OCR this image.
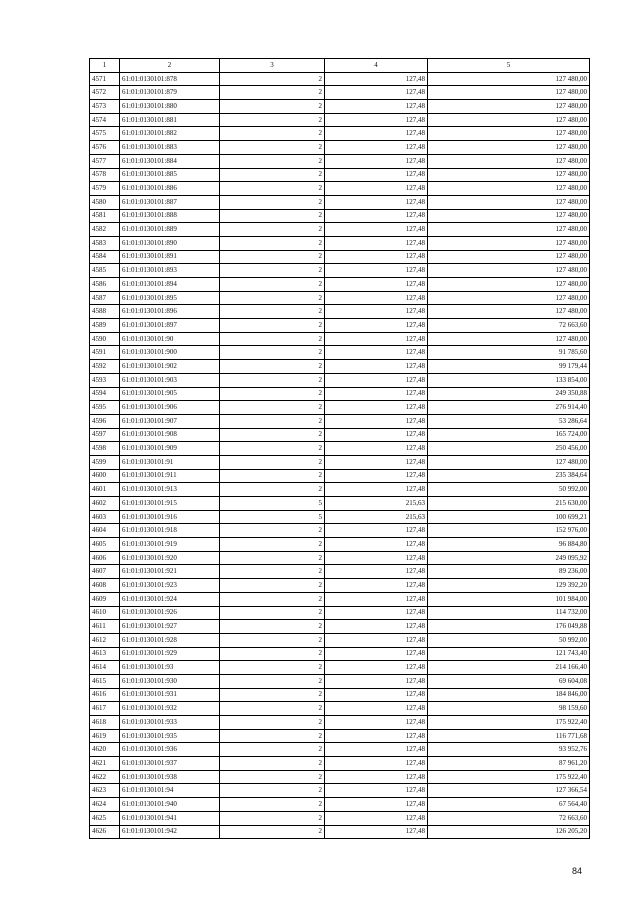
1	2	3	4	5
4571	61:01:0130101:878	2	127,48	127 480,00
4572	61:01:0130101:879	2	127,48	127 480,00
4573	61:01:0130101:880	2	127,48	127 480,00
4574	61:01:0130101:881	2	127,48	127 480,00
4575	61:01:0130101:882	2	127,48	127 480,00
4576	61:01:0130101:883	2	127,48	127 480,00
4577	61:01:0130101:884	2	127,48	127 480,00
4578	61:01:0130101:885	2	127,48	127 480,00
4579	61:01:0130101:886	2	127,48	127 480,00
4580	61:01:0130101:887	2	127,48	127 480,00
4581	61:01:0130101:888	2	127,48	127 480,00
4582	61:01:0130101:889	2	127,48	127 480,00
4583	61:01:0130101:890	2	127,48	127 480,00
4584	61:01:0130101:891	2	127,48	127 480,00
4585	61:01:0130101:893	2	127,48	127 480,00
4586	61:01:0130101:894	2	127,48	127 480,00
4587	61:01:0130101:895	2	127,48	127 480,00
4588	61:01:0130101:896	2	127,48	127 480,00
4589	61:01:0130101:897	2	127,48	72 663,60
4590	61:01:0130101:90	2	127,48	127 480,00
4591	61:01:0130101:900	2	127,48	91 785,60
4592	61:01:0130101:902	2	127,48	99 179,44
4593	61:01:0130101:903	2	127,48	133 854,00
4594	61:01:0130101:905	2	127,48	249 350,88
4595	61:01:0130101:906	2	127,48	276 914,40
4596	61:01:0130101:907	2	127,48	53 286,64
4597	61:01:0130101:908	2	127,48	165 724,00
4598	61:01:0130101:909	2	127,48	250 456,00
4599	61:01:0130101:91	2	127,48	127 480,00
4600	61:01:0130101:911	2	127,48	235 384,64
4601	61:01:0130101:913	2	127,48	50 992,00
4602	61:01:0130101:915	5	215,63	215 630,00
4603	61:01:0130101:916	5	215,63	100 699,21
4604	61:01:0130101:918	2	127,48	152 976,00
4605	61:01:0130101:919	2	127,48	96 884,80
4606	61:01:0130101:920	2	127,48	249 095,92
4607	61:01:0130101:921	2	127,48	89 236,00
4608	61:01:0130101:923	2	127,48	129 392,20
4609	61:01:0130101:924	2	127,48	101 984,00
4610	61:01:0130101:926	2	127,48	114 732,00
4611	61:01:0130101:927	2	127,48	176 049,88
4612	61:01:0130101:928	2	127,48	50 992,00
4613	61:01:0130101:929	2	127,48	121 743,40
4614	61:01:0130101:93	2	127,48	214 166,40
4615	61:01:0130101:930	2	127,48	69 604,08
4616	61:01:0130101:931	2	127,48	184 846,00
4617	61:01:0130101:932	2	127,48	98 159,60
4618	61:01:0130101:933	2	127,48	175 922,40
4619	61:01:0130101:935	2	127,48	116 771,68
4620	61:01:0130101:936	2	127,48	93 952,76
4621	61:01:0130101:937	2	127,48	87 961,20
4622	61:01:0130101:938	2	127,48	175 922,40
4623	61:01:0130101:94	2	127,48	127 366,54
4624	61:01:0130101:940	2	127,48	67 564,40
4625	61:01:0130101:941	2	127,48	72 663,60
4626	61:01:0130101:942	2	127,48	126 205,20
84
